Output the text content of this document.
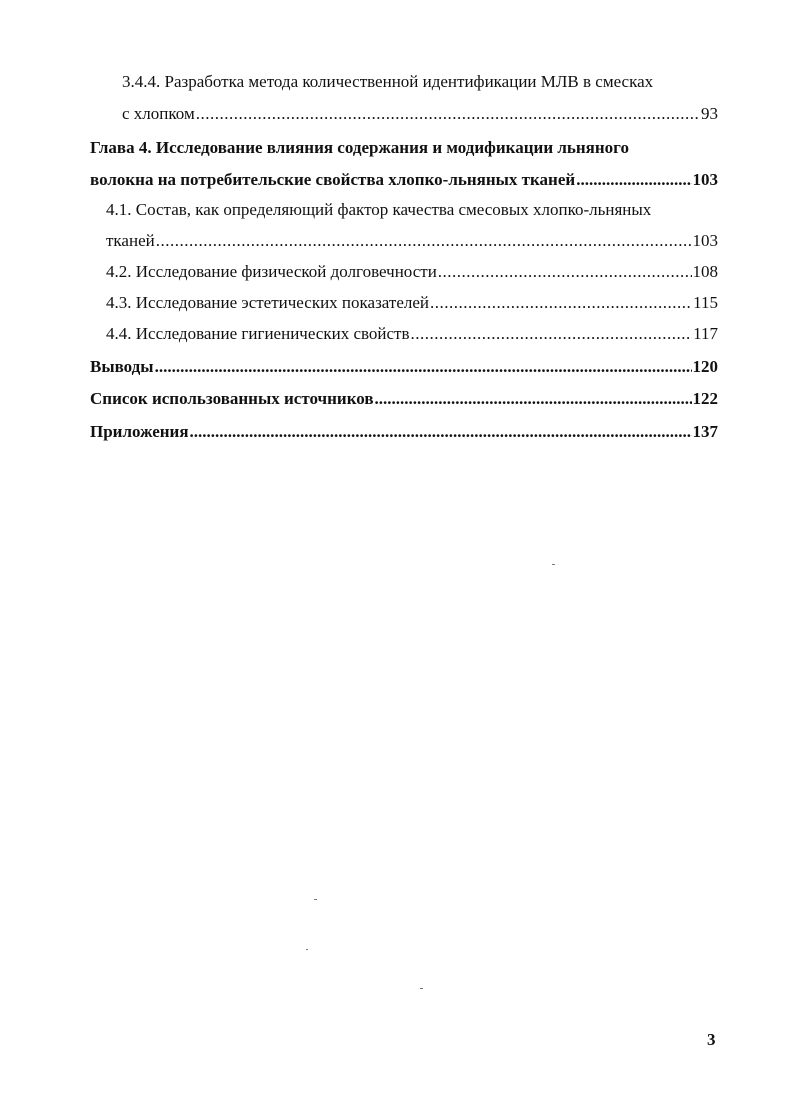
3.4.4. Разработка метода количественной идентификации МЛВ в смесках
с хлопком .....	93
Глава 4. Исследование влияния содержания и модификации льняного
волокна на потребительские свойства хлопко-льняных тканей .....	103
4.1. Состав, как определяющий фактор качества смесовых хлопко-льняных
тканей .....	103
4.2. Исследование физической долговечности .....	108
4.3. Исследование эстетических показателей .....	115
4.4. Исследование гигиенических свойств .....	117
Выводы .....	120
Список использованных источников .....	122
Приложения .....	137
3
